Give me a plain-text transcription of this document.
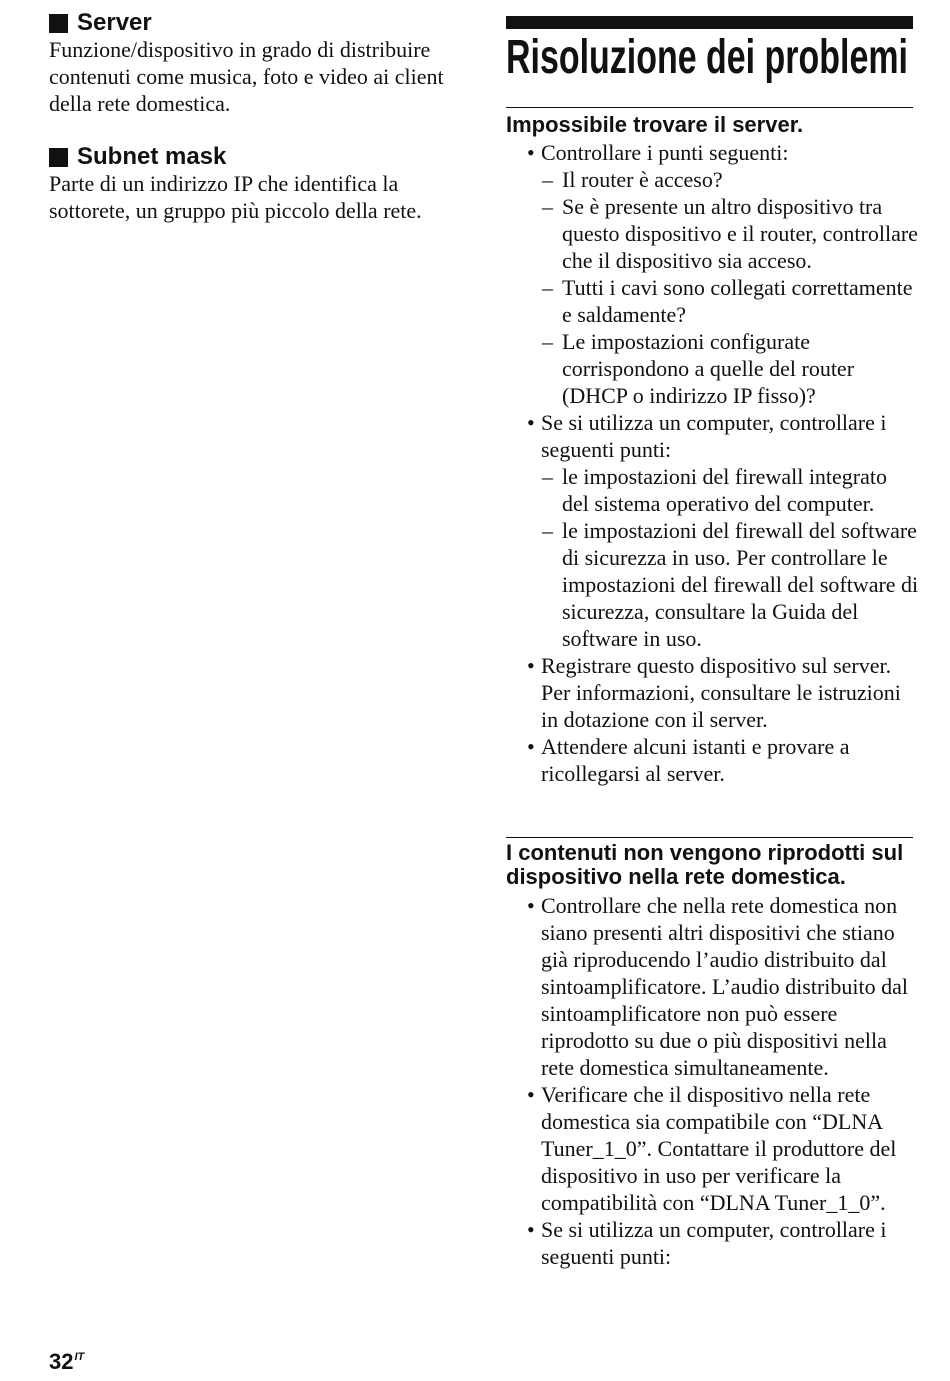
Server
Funzione/dispositivo in grado di distribuire
contenuti come musica, foto e video ai client
della rete domestica.
Subnet mask
Parte di un indirizzo IP che identifica la
sottorete, un gruppo più piccolo della rete.
Risoluzione dei problemi
Impossibile trovare il server.
• Controllare i punti seguenti:
– Il router è acceso?
– Se è presente un altro dispositivo tra
questo dispositivo e il router, controllare
che il dispositivo sia acceso.
– Tutti i cavi sono collegati correttamente
e saldamente?
– Le impostazioni configurate
corrispondono a quelle del router
(DHCP o indirizzo IP fisso)?
• Se si utilizza un computer, controllare i
seguenti punti:
– le impostazioni del firewall integrato
del sistema operativo del computer.
– le impostazioni del firewall del software
di sicurezza in uso. Per controllare le
impostazioni del firewall del software di
sicurezza, consultare la Guida del
software in uso.
• Registrare questo dispositivo sul server.
Per informazioni, consultare le istruzioni
in dotazione con il server.
• Attendere alcuni istanti e provare a
ricollegarsi al server.
I contenuti non vengono riprodotti sul
dispositivo nella rete domestica.
• Controllare che nella rete domestica non
siano presenti altri dispositivi che stiano
già riproducendo l’audio distribuito dal
sintoamplificatore. L’audio distribuito dal
sintoamplificatore non può essere
riprodotto su due o più dispositivi nella
rete domestica simultaneamente.
• Verificare che il dispositivo nella rete
domestica sia compatibile con “DLNA
Tuner_1_0”. Contattare il produttore del
dispositivo in uso per verificare la
compatibilità con “DLNA Tuner_1_0”.
• Se si utilizza un computer, controllare i
seguenti punti:
$32^{IT}$
